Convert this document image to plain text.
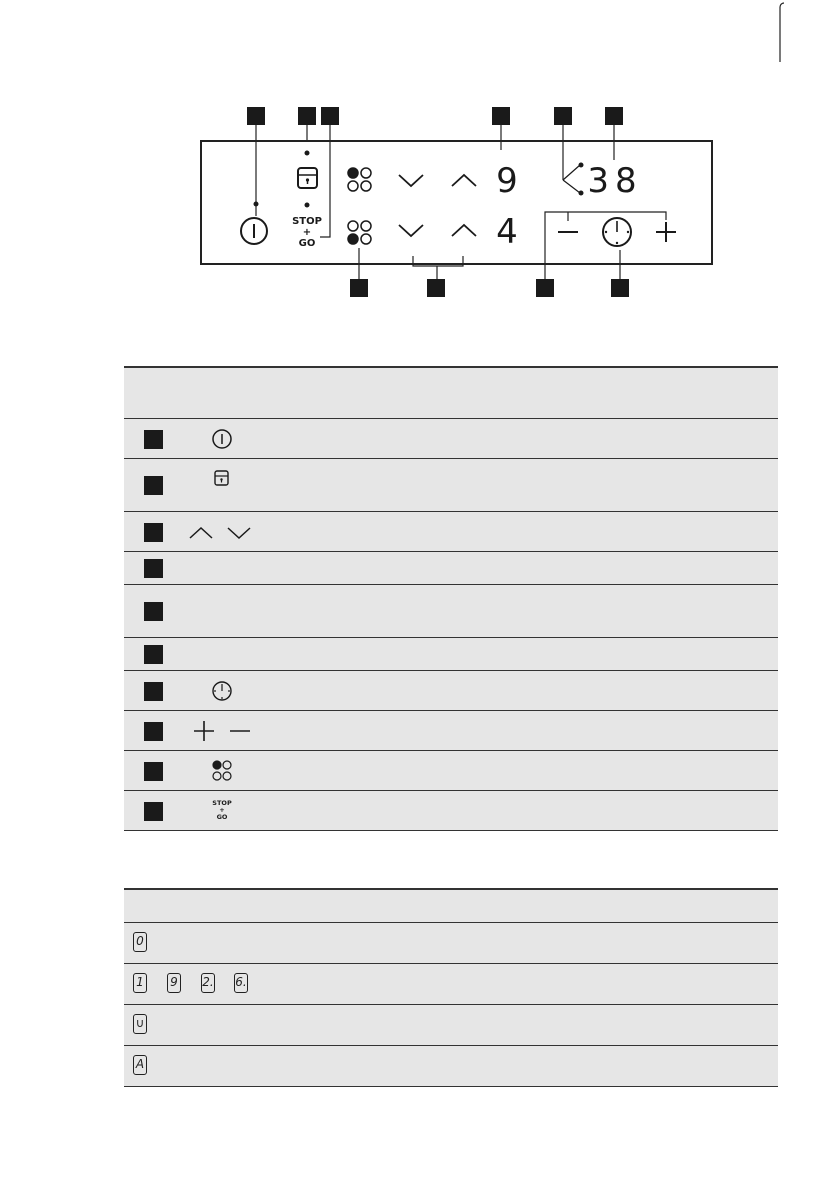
STOP
+
GO
9
4
38
STOP
+
GO
0
1 9 2. 6.
∪
A
